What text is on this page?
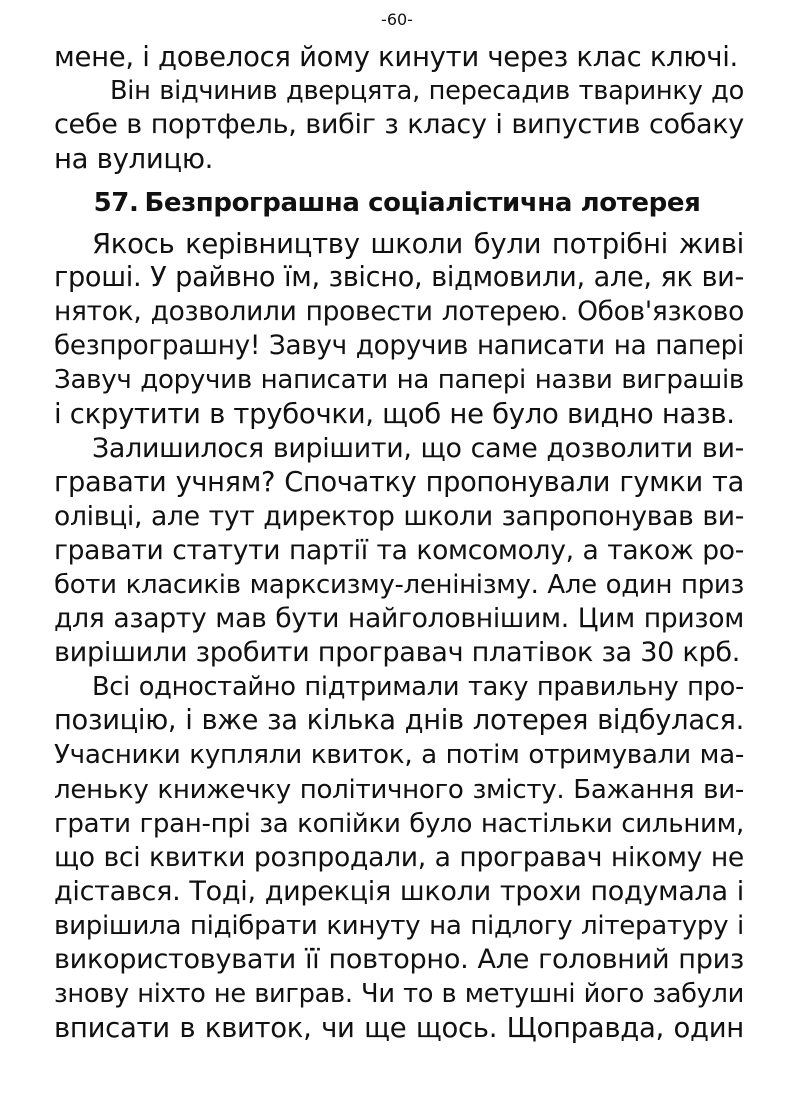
-60-
мене, і довелося йому кинути через клас ключі.
Він відчинив дверцята, пересадив тваринку до
себе в портфель, вибіг з класу і випустив собаку
на вулицю.
57. Безпрограшна соціалістична лотерея
Якось керівництву школи були потрібні живі
гроші. У райвно їм, звісно, відмовили, але, як ви-
няток, дозволили провести лотерею. Обов'язково
безпрограшну! Завуч доручив написати на папері
Завуч доручив написати на папері назви виграшів
і скрутити в трубочки, щоб не було видно назв.
Залишилося вирішити, що саме дозволити ви-
гравати учням? Спочатку пропонували гумки та
олівці, але тут директор школи запропонував ви-
гравати статути партії та комсомолу, а також ро-
боти класиків марксизму-ленінізму. Але один приз
для азарту мав бути найголовнішим. Цим призом
вирішили зробити програвач платівок за 30 крб.
Всі одностайно підтримали таку правильну про-
позицію, і вже за кілька днів лотерея відбулася.
Учасники купляли квиток, а потім отримували ма-
леньку книжечку політичного змісту. Бажання ви-
грати гран-прі за копійки було настільки сильним,
що всі квитки розпродали, а програвач нікому не
дістався. Тоді, дирекція школи трохи подумала і
вирішила підібрати кинуту на підлогу літературу і
використовувати її повторно. Але головний приз
знову ніхто не виграв. Чи то в метушні його забули
вписати в квиток, чи ще щось. Щоправда, один
